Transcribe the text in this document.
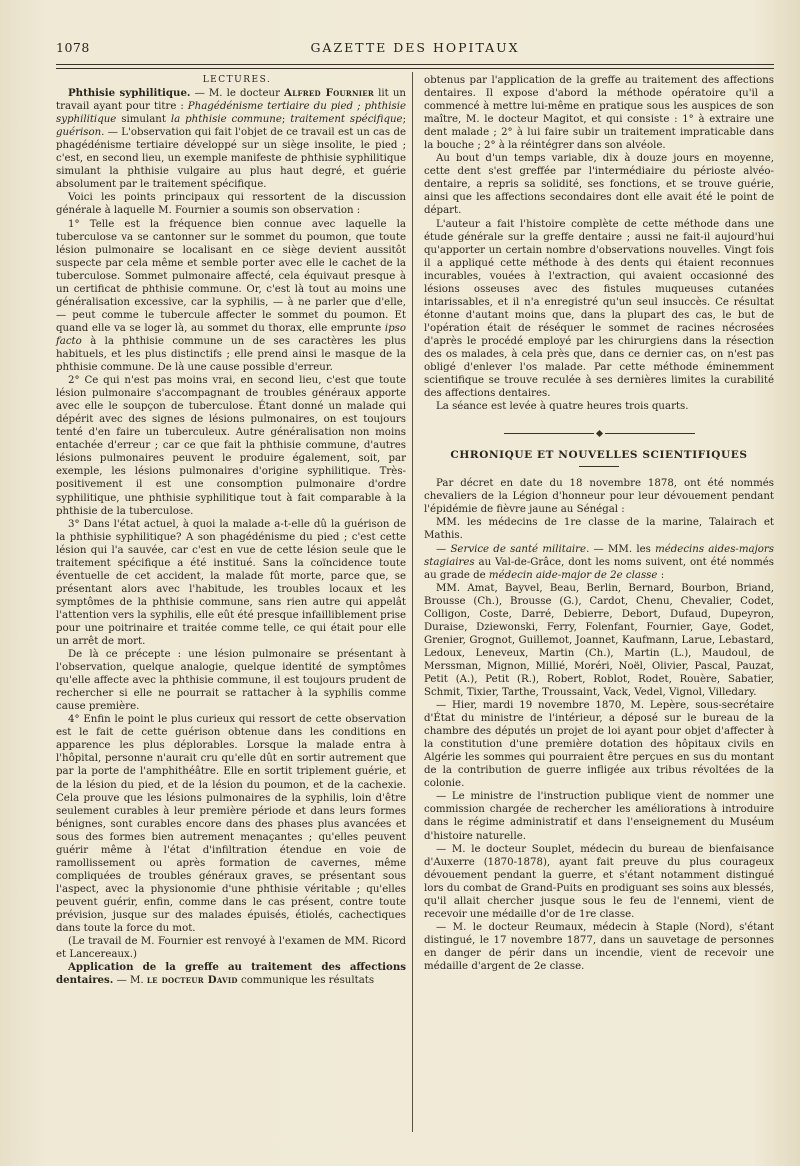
1078	GAZETTE DES HOPITAUX

LECTURES.

Phthisie syphilitique. — M. le docteur Alfred Fournier lit un travail ayant pour titre : Phagédénisme tertiaire du pied ; phthisie syphilitique simulant la phthisie commune; traitement spécifique; guérison. — L'observation qui fait l'objet de ce travail est un cas de phagédénisme tertiaire développé sur un siège insolite, le pied ; c'est, en second lieu, un exemple manifeste de phthisie syphilitique simulant la phthisie vulgaire au plus haut degré, et guérie absolument par le traitement spécifique.

Voici les points principaux qui ressortent de la discussion générale à laquelle M. Fournier a soumis son observation :

1° Telle est la fréquence bien connue avec laquelle la tuberculose va se cantonner sur le sommet du poumon, que toute lésion pulmonaire se localisant en ce siège devient aussitôt suspecte par cela même et semble porter avec elle le cachet de la tuberculose. Sommet pulmonaire affecté, cela équivaut presque à un certificat de phthisie commune. Or, c'est là tout au moins une généralisation excessive, car la syphilis, — à ne parler que d'elle, — peut comme le tubercule affecter le sommet du poumon. Et quand elle va se loger là, au sommet du thorax, elle emprunte ipso facto à la phthisie commune un de ses caractères les plus habituels, et les plus distinctifs ; elle prend ainsi le masque de la phthisie commune. De là une cause possible d'erreur.

2° Ce qui n'est pas moins vrai, en second lieu, c'est que toute lésion pulmonaire s'accompagnant de troubles généraux apporte avec elle le soupçon de tuberculose. Étant donné un malade qui dépérit avec des signes de lésions pulmonaires, on est toujours tenté d'en faire un tuberculeux. Autre généralisation non moins entachée d'erreur ; car ce que fait la phthisie commune, d'autres lésions pulmonaires peuvent le produire également, soit, par exemple, les lésions pulmonaires d'origine syphilitique. Très-positivement il est une consomption pulmonaire d'ordre syphilitique, une phthisie syphilitique tout à fait comparable à la phthisie de la tuberculose.

3° Dans l'état actuel, à quoi la malade a-t-elle dû la guérison de la phthisie syphilitique? A son phagédénisme du pied ; c'est cette lésion qui l'a sauvée, car c'est en vue de cette lésion seule que le traitement spécifique a été institué. Sans la coïncidence toute éventuelle de cet accident, la malade fût morte, parce que, se présentant alors avec l'habitude, les troubles locaux et les symptômes de la phthisie commune, sans rien autre qui appelât l'attention vers la syphilis, elle eût été presque infailliblement prise pour une poitrinaire et traitée comme telle, ce qui était pour elle un arrêt de mort.

De là ce précepte : une lésion pulmonaire se présentant à l'observation, quelque analogie, quelque identité de symptômes qu'elle affecte avec la phthisie commune, il est toujours prudent de rechercher si elle ne pourrait se rattacher à la syphilis comme cause première.

4° Enfin le point le plus curieux qui ressort de cette observation est le fait de cette guérison obtenue dans les conditions en apparence les plus déplorables. Lorsque la malade entra à l'hôpital, personne n'aurait cru qu'elle dût en sortir autrement que par la porte de l'amphithéâtre. Elle en sortit triplement guérie, et de la lésion du pied, et de la lésion du poumon, et de la cachexie. Cela prouve que les lésions pulmonaires de la syphilis, loin d'être seulement curables à leur première période et dans leurs formes bénignes, sont curables encore dans des phases plus avancées et sous des formes bien autrement menaçantes ; qu'elles peuvent guérir même à l'état d'infiltration étendue en voie de ramollissement ou après formation de cavernes, même compliquées de troubles généraux graves, se présentant sous l'aspect, avec la physionomie d'une phthisie véritable ; qu'elles peuvent guérir, enfin, comme dans le cas présent, contre toute prévision, jusque sur des malades épuisés, étiolés, cachectiques dans toute la force du mot.

(Le travail de M. Fournier est renvoyé à l'examen de MM. Ricord et Lancereaux.)

Application de la greffe au traitement des affections dentaires. — M. le docteur David communique les résultats

obtenus par l'application de la greffe au traitement des affections dentaires. Il expose d'abord la méthode opératoire qu'il a commencé à mettre lui-même en pratique sous les auspices de son maître, M. le docteur Magitot, et qui consiste : 1° à extraire une dent malade ; 2° à lui faire subir un traitement impraticable dans la bouche ; 2° à la réintégrer dans son alvéole.

Au bout d'un temps variable, dix à douze jours en moyenne, cette dent s'est greffée par l'intermédiaire du périoste alvéo-dentaire, a repris sa solidité, ses fonctions, et se trouve guérie, ainsi que les affections secondaires dont elle avait été le point de départ.

L'auteur a fait l'histoire complète de cette méthode dans une étude générale sur la greffe dentaire ; aussi ne fait-il aujourd'hui qu'apporter un certain nombre d'observations nouvelles. Vingt fois il a appliqué cette méthode à des dents qui étaient reconnues incurables, vouées à l'extraction, qui avaient occasionné des lésions osseuses avec des fistules muqueuses cutanées intarissables, et il n'a enregistré qu'un seul insuccès. Ce résultat étonne d'autant moins que, dans la plupart des cas, le but de l'opération était de réséquer le sommet de racines nécrosées d'après le procédé employé par les chirurgiens dans la résection des os malades, à cela près que, dans ce dernier cas, on n'est pas obligé d'enlever l'os malade. Par cette méthode éminemment scientifique se trouve reculée à ses dernières limites la curabilité des affections dentaires.

La séance est levée à quatre heures trois quarts.

CHRONIQUE ET NOUVELLES SCIENTIFIQUES

Par décret en date du 18 novembre 1878, ont été nommés chevaliers de la Légion d'honneur pour leur dévouement pendant l'épidémie de fièvre jaune au Sénégal :

MM. les médecins de 1re classe de la marine, Talairach et Mathis.

— Service de santé militaire. — MM. les médecins aides-majors stagiaires au Val-de-Grâce, dont les noms suivent, ont été nommés au grade de médecin aide-major de 2e classe :

MM. Amat, Bayvel, Beau, Berlin, Bernard, Bourbon, Briand, Brousse (Ch.), Brousse (G.), Cardot, Chenu, Chevalier, Codet, Colligon, Coste, Darré, Debierre, Debort, Dufaud, Dupeyron, Duraise, Dziewonski, Ferry, Folenfant, Fournier, Gaye, Godet, Grenier, Grognot, Guillemot, Joannet, Kaufmann, Larue, Lebastard, Ledoux, Leneveux, Martin (Ch.), Martin (L.), Maudoul, de Merssman, Mignon, Millié, Moréri, Noël, Olivier, Pascal, Pauzat, Petit (A.), Petit (R.), Robert, Roblot, Rodet, Rouère, Sabatier, Schmit, Tixier, Tarthe, Troussaint, Vack, Vedel, Vignol, Villedary.

— Hier, mardi 19 novembre 1870, M. Lepère, sous-secrétaire d'État du ministre de l'intérieur, a déposé sur le bureau de la chambre des députés un projet de loi ayant pour objet d'affecter à la constitution d'une première dotation des hôpitaux civils en Algérie les sommes qui pourraient être perçues en sus du montant de la contribution de guerre infligée aux tribus révoltées de la colonie.

— Le ministre de l'instruction publique vient de nommer une commission chargée de rechercher les améliorations à introduire dans le régime administratif et dans l'enseignement du Muséum d'histoire naturelle.

— M. le docteur Souplet, médecin du bureau de bienfaisance d'Auxerre (1870-1878), ayant fait preuve du plus courageux dévouement pendant la guerre, et s'étant notamment distingué lors du combat de Grand-Puits en prodiguant ses soins aux blessés, qu'il allait chercher jusque sous le feu de l'ennemi, vient de recevoir une médaille d'or de 1re classe.

— M. le docteur Reumaux, médecin à Staple (Nord), s'étant distingué, le 17 novembre 1877, dans un sauvetage de personnes en danger de périr dans un incendie, vient de recevoir une médaille d'argent de 2e classe.
